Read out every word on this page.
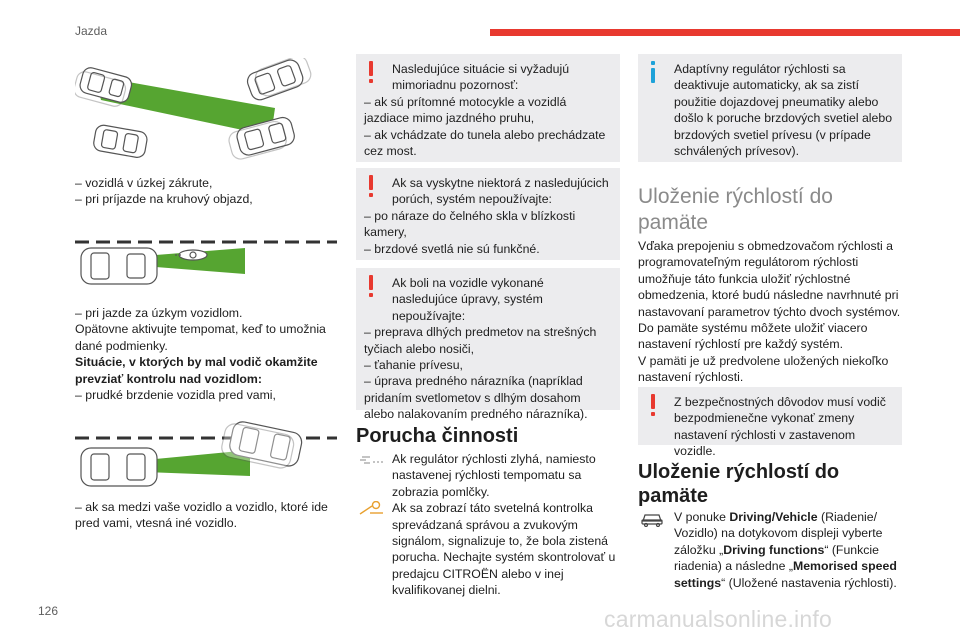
Jazda

– vozidlá v úzkej zákrute,

– pri príjazde na kruhový objazd,

– pri jazde za úzkym vozidlom.

Opätovne aktivujte tempomat, keď to umožnia dané podmienky.

Situácie, v ktorých by mal vodič okamžite prevziať kontrolu nad vozidlom:

– prudké brzdenie vozidla pred vami,

– ak sa medzi vaše vozidlo a vozidlo, ktoré ide pred vami, vtesná iné vozidlo.

Nasledujúce situácie si vyžadujú mimoriadnu pozornosť:

– ak sú prítomné motocykle a vozidlá jazdiace mimo jazdného pruhu,

– ak vchádzate do tunela alebo prechádzate cez most.

Ak sa vyskytne niektorá z nasledujúcich porúch, systém nepoužívajte:

– po náraze do čelného skla v blízkosti kamery,

– brzdové svetlá nie sú funkčné.

Ak boli na vozidle vykonané nasledujúce úpravy, systém nepoužívajte:

– preprava dlhých predmetov na strešných tyčiach alebo nosiči,

– ťahanie prívesu,

– úprava predného nárazníka (napríklad pridaním svetlometov s dlhým dosahom alebo nalakovaním predného nárazníka).

Porucha činnosti

Ak regulátor rýchlosti zlyhá, namiesto nastavenej rýchlosti tempomatu sa zobrazia pomlčky.

Ak sa zobrazí táto svetelná kontrolka sprevádzaná správou a zvukovým signálom, signalizuje to, že bola zistená porucha. Nechajte systém skontrolovať u predajcu CITROËN alebo v inej kvalifikovanej dielni.

Adaptívny regulátor rýchlosti sa deaktivuje automaticky, ak sa zistí použitie dojazdovej pneumatiky alebo došlo k poruche brzdových svetiel alebo brzdových svetiel prívesu (v prípade schválených prívesov).

Uloženie rýchlostí do pamäte
Vďaka prepojeniu s obmedzovačom rýchlosti a programovateľným regulátorom rýchlosti umožňuje táto funkcia uložiť rýchlostné obmedzenia, ktoré budú následne navrhnuté pri nastavovaní parametrov týchto dvoch systémov. Do pamäte systému môžete uložiť viacero nastavení rýchlostí pre každý systém.
V pamäti je už predvolene uložených niekoľko nastavení rýchlosti.

Z bezpečnostných dôvodov musí vodič bezpodmienečne vykonať zmeny nastavení rýchlosti v zastavenom vozidle.

Uloženie rýchlostí do pamäte

V ponuke Driving/Vehicle (Riadenie/ Vozidlo) na dotykovom displeji vyberte záložku „Driving functions“ (Funkcie riadenia) a následne „Memorised speed settings“ (Uložené nastavenia rýchlosti).

126	carmanualsonline.info
